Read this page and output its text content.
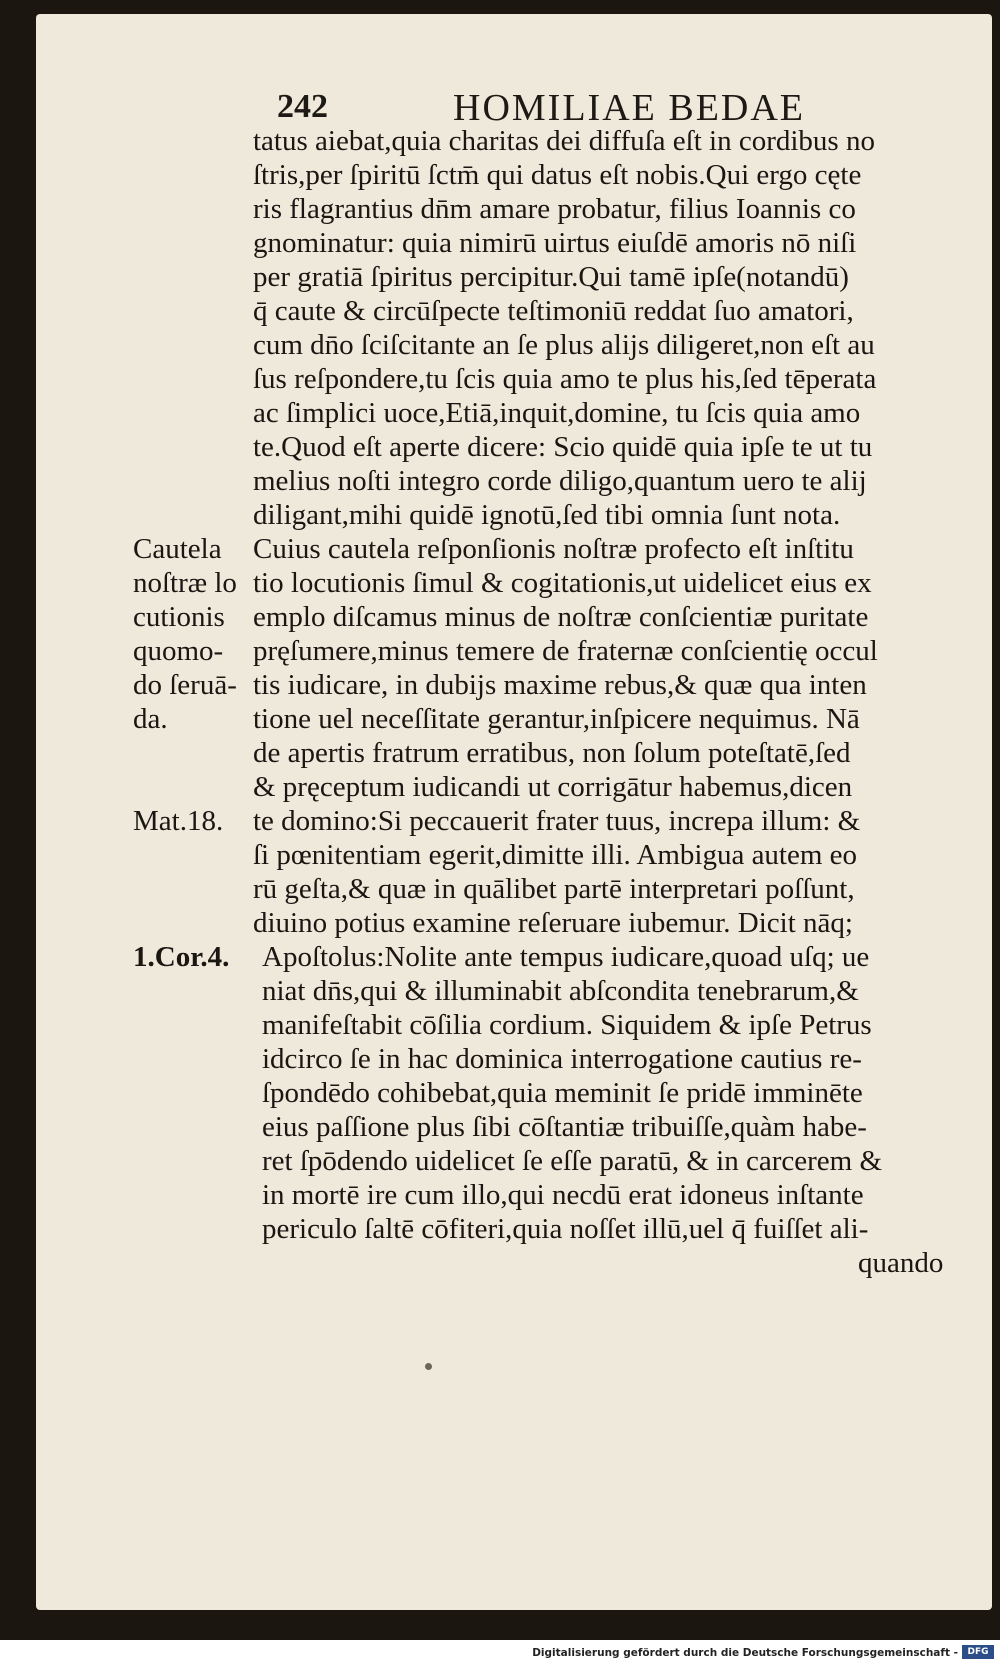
242	HOMILIAE BEDAE
tatus aiebat,quia charitas dei diffuſa eſt in cordibus no
ſtris,per ſpiritū ſctm̄ qui datus eſt nobis.Qui ergo cęte
ris flagrantius dn̄m amare probatur, filius Ioannis co
gnominatur: quia nimirū uirtus eiuſdē amoris nō niſi
per gratiā ſpiritus percipitur.Qui tamē ipſe(notandū)
q̄ caute & circūſpecte teſtimoniū reddat ſuo amatori,
cum dn̄o ſciſcitante an ſe plus alijs diligeret,non eſt au
ſus reſpondere,tu ſcis quia amo te plus his,ſed tēperata
ac ſimplici uoce,Etiā,inquit,domine, tu ſcis quia amo
te.Quod eſt aperte dicere: Scio quidē quia ipſe te ut tu
melius noſti integro corde diligo,quantum uero te alij
diligant,mihi quidē ignotū,ſed tibi omnia ſunt nota.
Cuius cautela reſponſionis noſtræ profecto eſt inſtitu
tio locutionis ſimul & cogitationis,ut uidelicet eius ex
emplo diſcamus minus de noſtræ conſcientiæ puritate
pręſumere,minus temere de fraternæ conſcientię occul
tis iudicare, in dubijs maxime rebus,& quæ qua inten
tione uel neceſſitate gerantur,inſpicere nequimus. Nā
de apertis fratrum erratibus, non ſolum poteſtatē,ſed
& pręceptum iudicandi ut corrigātur habemus,dicen
te domino:Si peccauerit frater tuus, increpa illum: &
ſi pœnitentiam egerit,dimitte illi. Ambigua autem eo
rū geſta,& quæ in quālibet partē interpretari poſſunt,
diuino potius examine reſeruare iubemur. Dicit nāq;
Apoſtolus:Nolite ante tempus iudicare,quoad uſq; ue
niat dn̄s,qui & illuminabit abſcondita tenebrarum,&
manifeſtabit cōſilia cordium. Siquidem & ipſe Petrus
idcirco ſe in hac dominica interrogatione cautius re-
ſpondēdo cohibebat,quia meminit ſe pridē imminēte
eius paſſione plus ſibi cōſtantiæ tribuiſſe,quàm habe-
ret ſpōdendo uidelicet ſe eſſe paratū, & in carcerem &
in mortē ire cum illo,qui necdū erat idoneus inſtante
periculo ſaltē cōfiteri,quia noſſet illū,uel q̄ fuiſſet ali-
quando
Cautela
noſtræ lo
cutionis
quomo-
do ſeruā-
da.
Mat.18.
1.Cor.4.
Digitalisierung gefördert durch die Deutsche Forschungsgemeinschaft -	DFG
